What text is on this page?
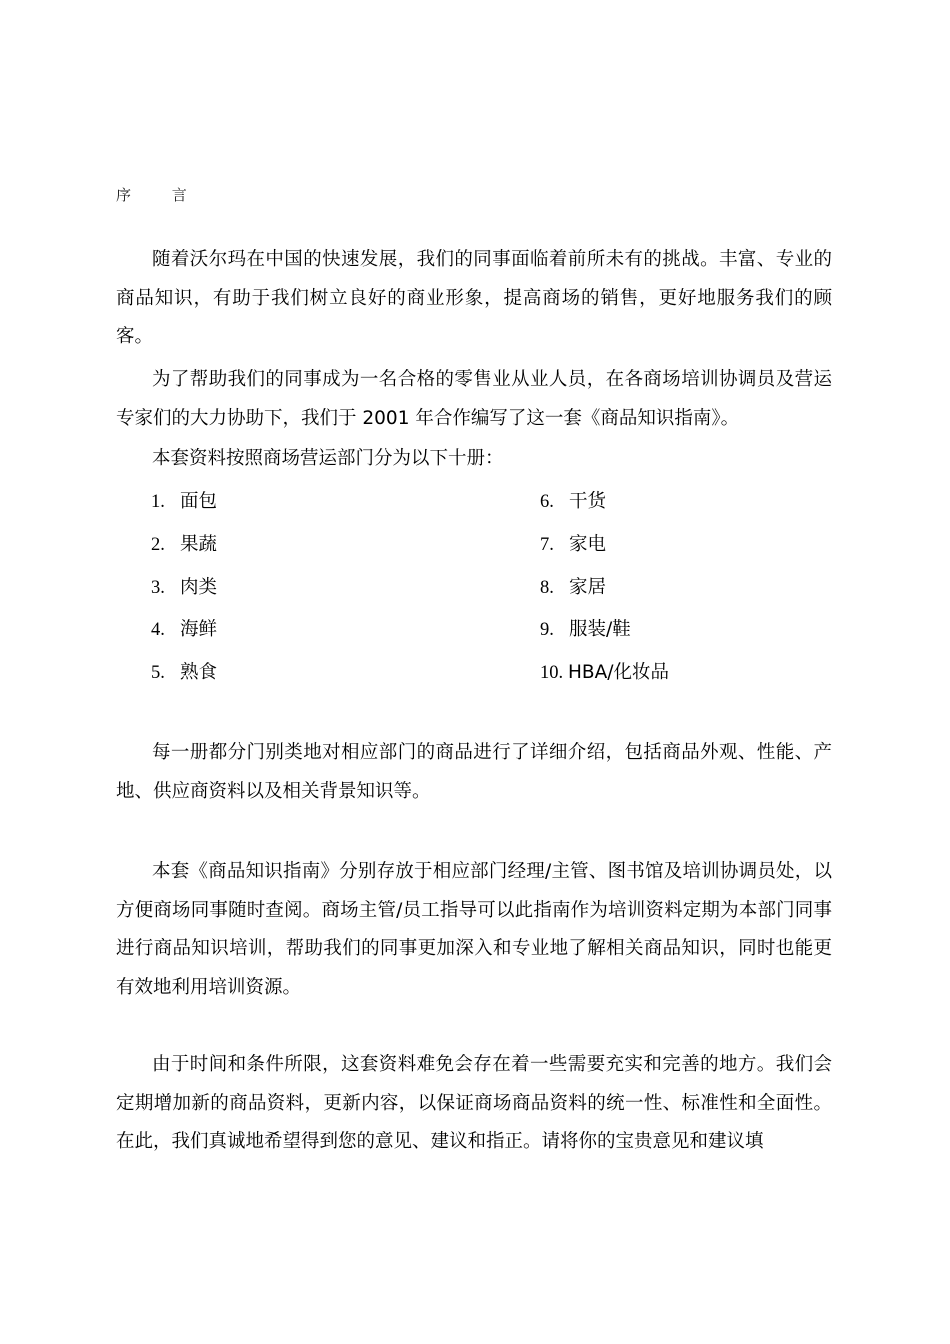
序 言

随着沃尔玛在中国的快速发展，我们的同事面临着前所未有的挑战。丰富、专业的商品知识，有助于我们树立良好的商业形象，提高商场的销售，更好地服务我们的顾客。

为了帮助我们的同事成为一名合格的零售业从业人员，在各商场培训协调员及营运专家们的大力协助下，我们于 2001 年合作编写了这一套《商品知识指南》。

本套资料按照商场营运部门分为以下十册：

1. 面包
2. 果蔬
3. 肉类
4. 海鲜
5. 熟食
6. 干货
7. 家电
8. 家居
9. 服装/鞋
10. HBA/化妆品

每一册都分门别类地对相应部门的商品进行了详细介绍，包括商品外观、性能、产地、供应商资料以及相关背景知识等。

本套《商品知识指南》分别存放于相应部门经理/主管、图书馆及培训协调员处，以方便商场同事随时查阅。商场主管/员工指导可以此指南作为培训资料定期为本部门同事进行商品知识培训，帮助我们的同事更加深入和专业地了解相关商品知识，同时也能更有效地利用培训资源。

由于时间和条件所限，这套资料难免会存在着一些需要充实和完善的地方。我们会定期增加新的商品资料，更新内容，以保证商场商品资料的统一性、标准性和全面性。在此，我们真诚地希望得到您的意见、建议和指正。请将你的宝贵意见和建议填
